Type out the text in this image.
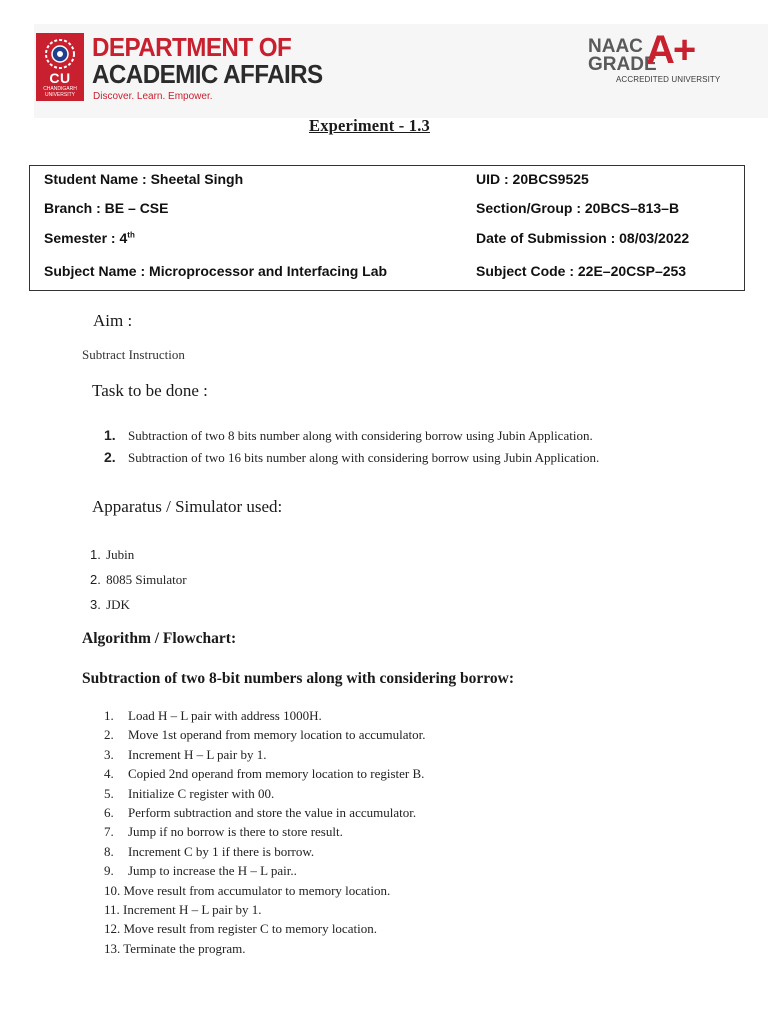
CU
CHANDIGARH UNIVERSITY
DEPARTMENT OF
ACADEMIC AFFAIRS
Discover. Learn. Empower.
NAAC
GRADE
A+
ACCREDITED UNIVERSITY
Experiment - 1.3
Student Name : Sheetal Singh	UID : 20BCS9525
Branch : BE – CSE	Section/Group : 20BCS–813–B
Semester : 4th	Date of Submission : 08/03/2022
Subject Name : Microprocessor and Interfacing Lab	Subject Code : 22E–20CSP–253
Aim :
Subtract Instruction
Task to be done :
1. Subtraction of two 8 bits number along with considering borrow using Jubin Application.
2. Subtraction of two 16 bits number along with considering borrow using Jubin Application.
Apparatus / Simulator used:
1. Jubin
2. 8085 Simulator
3. JDK
Algorithm / Flowchart:
Subtraction of two 8-bit numbers along with considering borrow:
1. Load H – L pair with address 1000H.
2. Move 1st operand from memory location to accumulator.
3. Increment H – L pair by 1.
4. Copied 2nd operand from memory location to register B.
5. Initialize C register with 00.
6. Perform subtraction and store the value in accumulator.
7. Jump if no borrow is there to store result.
8. Increment C by 1 if there is borrow.
9. Jump to increase the H – L pair..
10. Move result from accumulator to memory location.
11. Increment H – L pair by 1.
12. Move result from register C to memory location.
13. Terminate the program.
